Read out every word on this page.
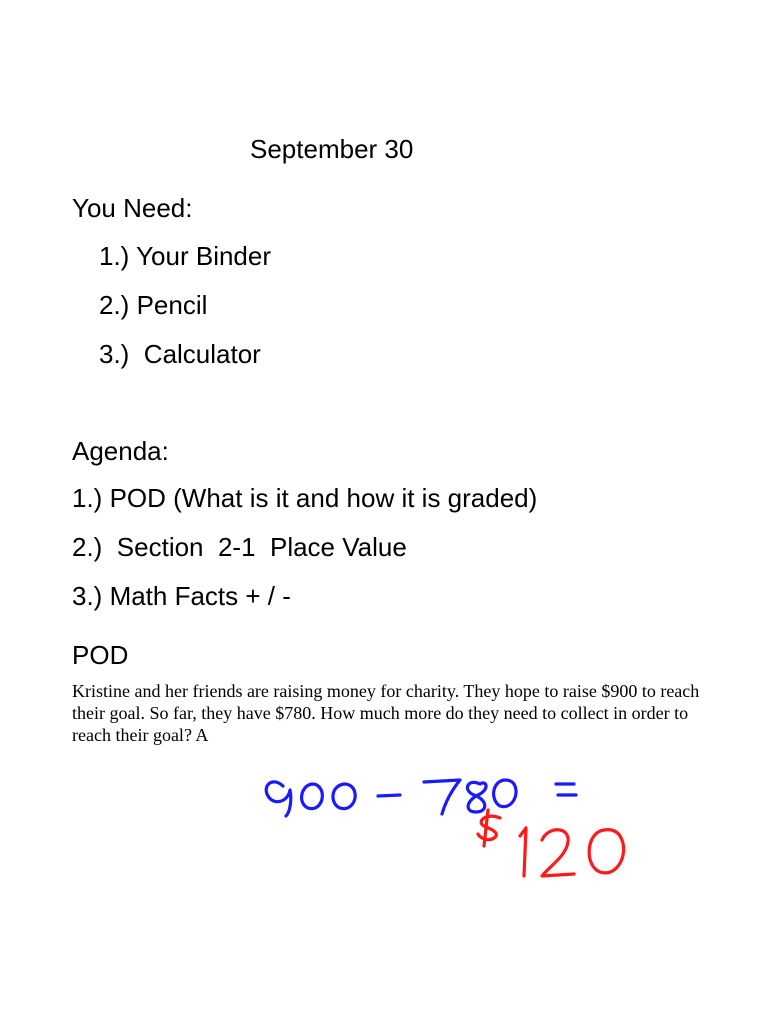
September 30
You Need:
1.) Your Binder
2.) Pencil
3.)  Calculator
Agenda:
1.) POD (What is it and how it is graded)
2.)  Section  2-1  Place Value
3.) Math Facts + / -
POD
Kristine and her friends are raising money for charity. They hope to raise $900 to reach their goal. So far, they have $780. How much more do they need to collect in order to reach their goal? A
